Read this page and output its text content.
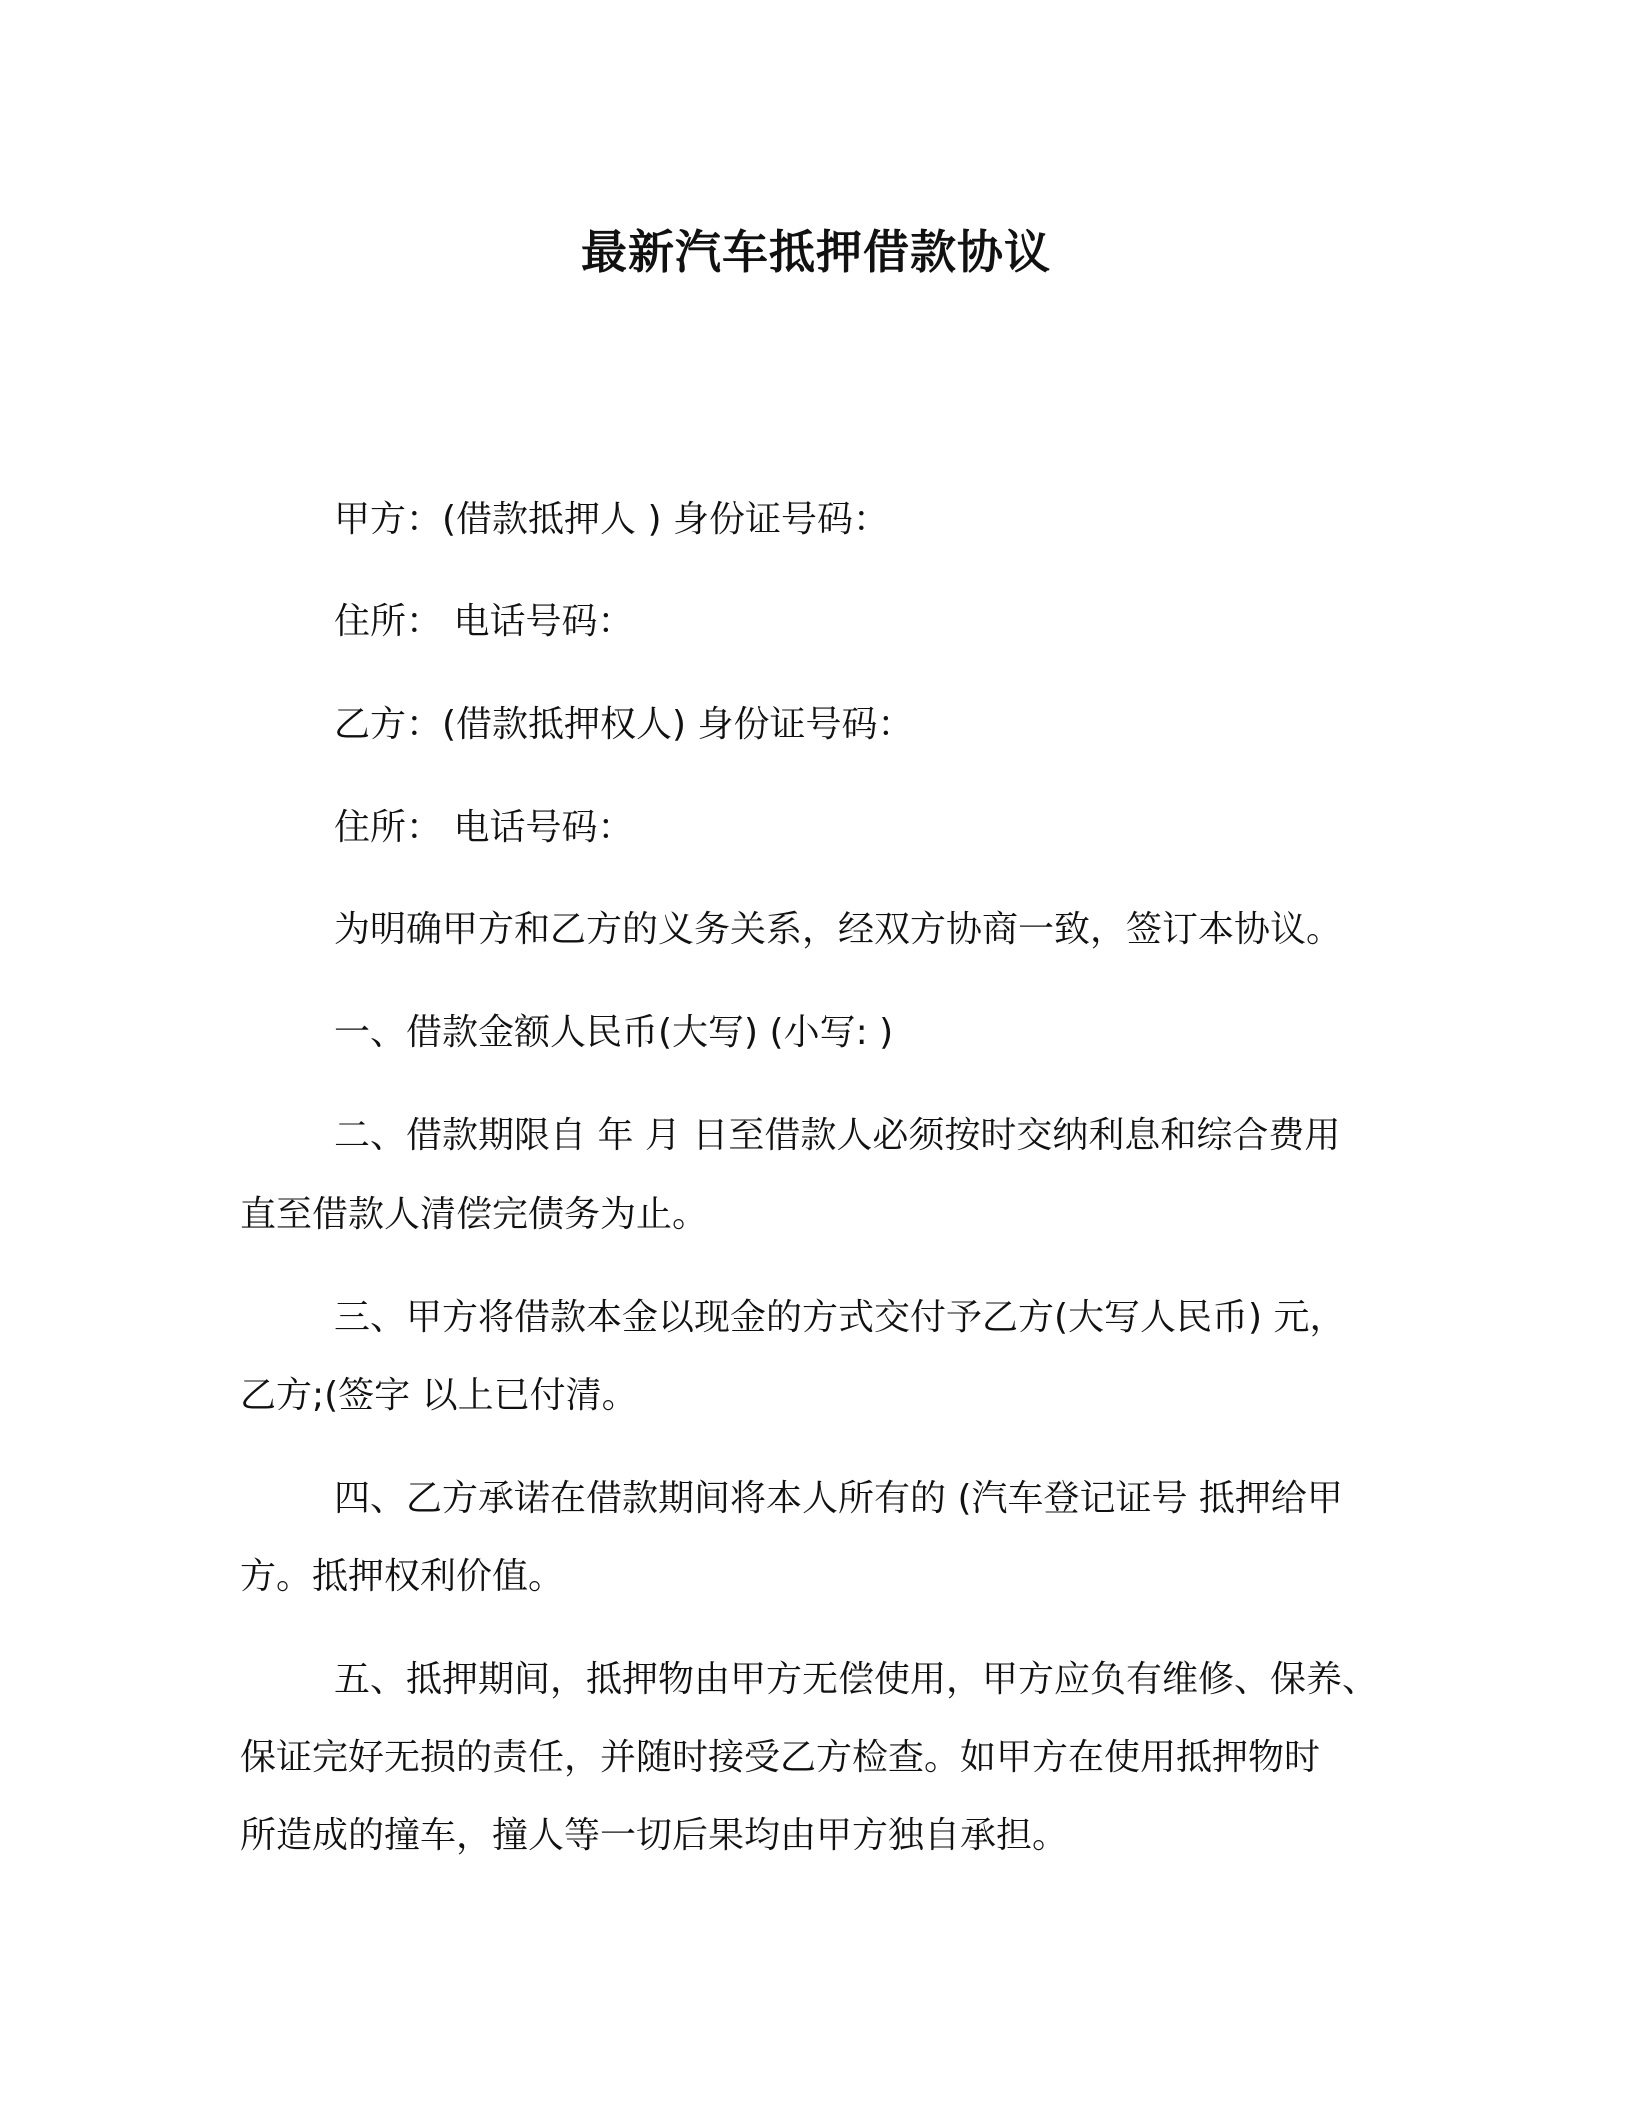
最新汽车抵押借款协议
甲方：(借款抵押人 ) 身份证号码：
住所： 电话号码：
乙方：(借款抵押权人) 身份证号码：
住所： 电话号码：
为明确甲方和乙方的义务关系，经双方协商一致，签订本协议。
一、借款金额人民币(大写) (小写: )
二、借款期限自 年 月 日至借款人必须按时交纳利息和综合费用
直至借款人清偿完债务为止。
三、甲方将借款本金以现金的方式交付予乙方(大写人民币) 元，
乙方;(签字 以上已付清。
四、乙方承诺在借款期间将本人所有的 (汽车登记证号 抵押给甲
方。抵押权利价值。
五、抵押期间，抵押物由甲方无偿使用，甲方应负有维修、保养、
保证完好无损的责任，并随时接受乙方检查。如甲方在使用抵押物时
所造成的撞车，撞人等一切后果均由甲方独自承担。
